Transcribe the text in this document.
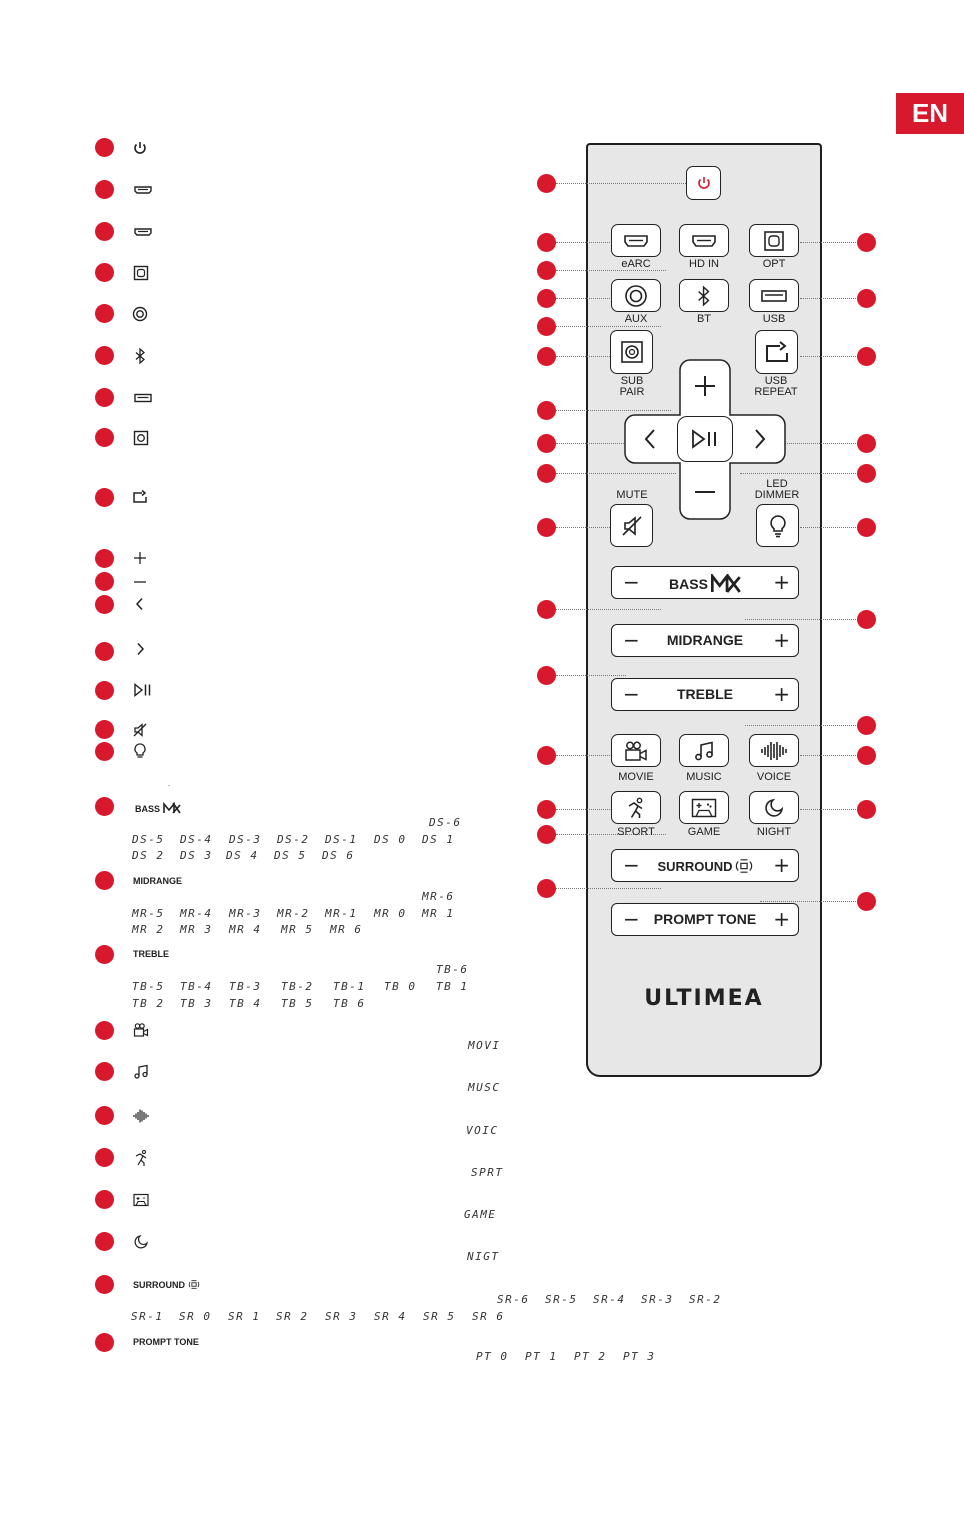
EN
.
BASS
DS-6
DS-5 DS-4 DS-3 DS-2 DS-1 DS 0 DS 1
DS 2 DS 3 DS 4 DS 5 DS 6
MIDRANGE
MR-6
MR-5 MR-4 MR-3 MR-2 MR-1 MR 0 MR 1
MR 2 MR 3 MR 4 MR 5 MR 6
TREBLE
TB-6
TB-5 TB-4 TB-3 TB-2 TB-1 TB 0 TB 1
TB 2 TB 3 TB 4 TB 5 TB 6
MOVI
MUSC
VOIC
SPRT
GAME
NIGT
SURROUND
SR-6 SR-5 SR-4 SR-3 SR-2
SR-1 SR 0 SR 1 SR 2 SR 3 SR 4 SR 5 SR 6
PROMPT TONE
PT 0 PT 1 PT 2 PT 3
eARC	HD IN	OPT
AUX	BT	USB
SUB
PAIR
USB
REPEAT
MUTE
LED
DIMMER
−	BASS	+
−	MIDRANGE	+
−	TREBLE	+
MOVIE	MUSIC	VOICE
SPORT	GAME	NIGHT
−	SURROUND	+
−	PROMPT TONE +
ULTIMEA
